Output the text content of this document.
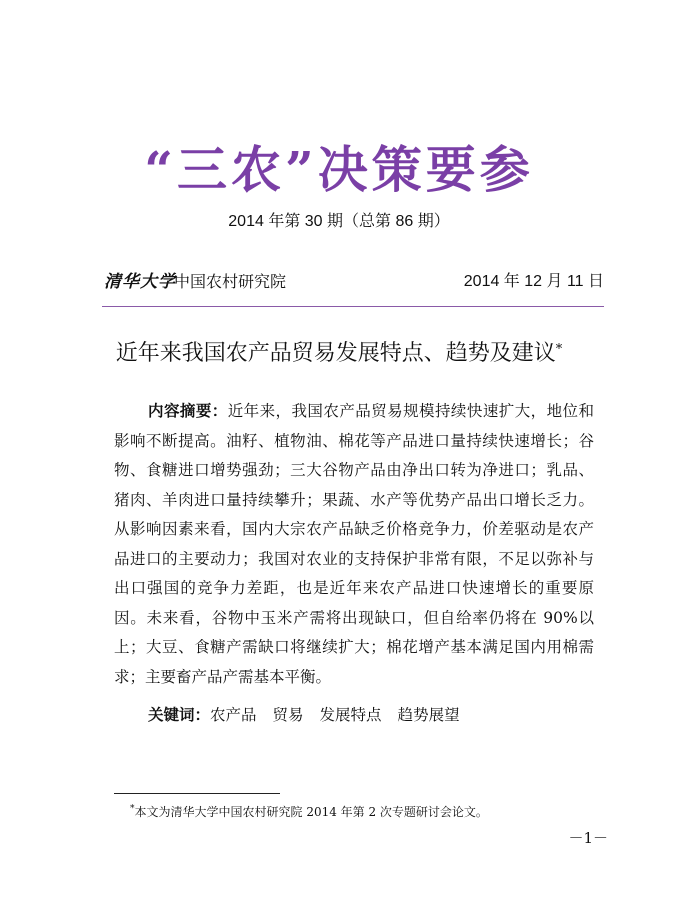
“三农”决策要参
2014 年第 30 期（总第 86 期）
清华大学
中国农村研究院	2014 年 12 月 11 日
近年来我国农产品贸易发展特点、趋势及建议*

内容摘要：近年来，我国农产品贸易规模持续快速扩大，地位和影响不断提高。油籽、植物油、棉花等产品进口量持续快速增长；谷物、食糖进口增势强劲；三大谷物产品由净出口转为净进口；乳品、猪肉、羊肉进口量持续攀升；果蔬、水产等优势产品出口增长乏力。从影响因素来看，国内大宗农产品缺乏价格竞争力，价差驱动是农产品进口的主要动力；我国对农业的支持保护非常有限，不足以弥补与出口强国的竞争力差距，也是近年来农产品进口快速增长的重要原因。未来看，谷物中玉米产需将出现缺口，但自给率仍将在 90%以上；大豆、食糖产需缺口将继续扩大；棉花增产基本满足国内用棉需求；主要畜产品产需基本平衡。

关键词：农产品 贸易 发展特点 趋势展望
*本文为清华大学中国农村研究院 2014 年第 2 次专题研讨会论文。
－1－
